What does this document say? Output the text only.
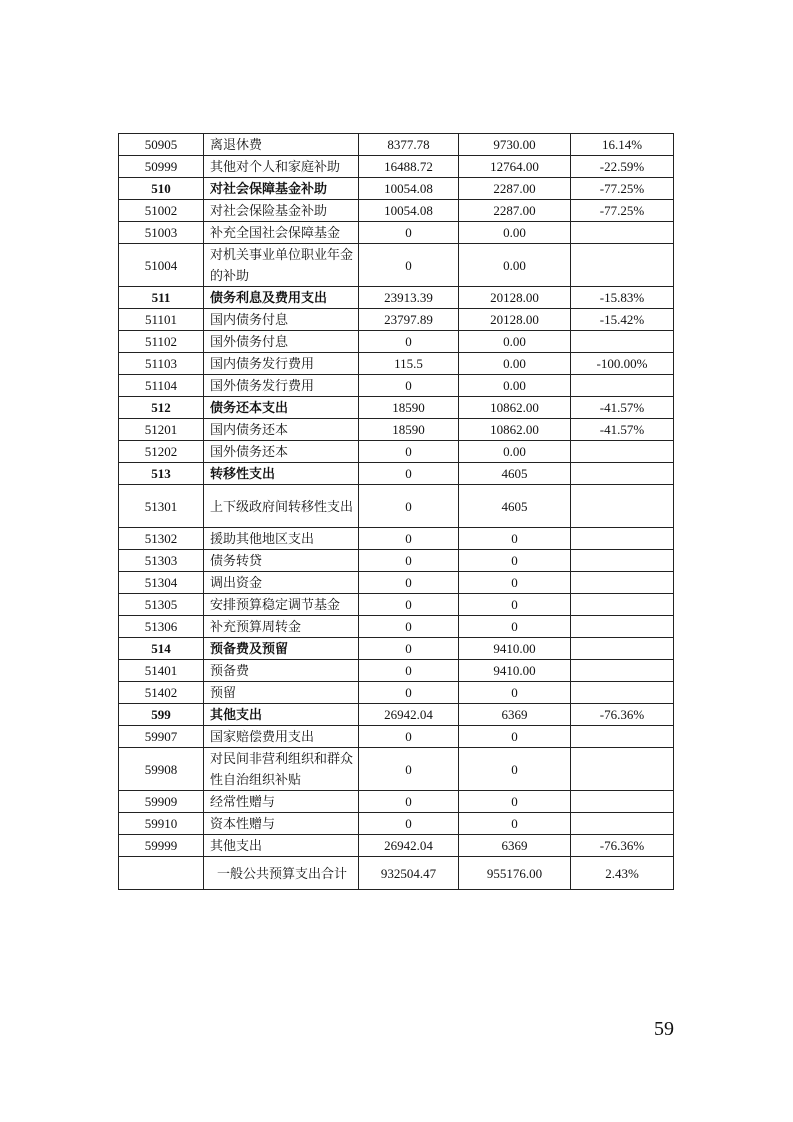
50905	离退休费	8377.78	9730.00	16.14%
50999	其他对个人和家庭补助	16488.72	12764.00	-22.59%
510	对社会保障基金补助	10054.08	2287.00	-77.25%
51002	对社会保险基金补助	10054.08	2287.00	-77.25%
51003	补充全国社会保障基金	0	0.00	
51004	对机关事业单位职业年金的补助	0	0.00	
511	债务利息及费用支出	23913.39	20128.00	-15.83%
51101	国内债务付息	23797.89	20128.00	-15.42%
51102	国外债务付息	0	0.00	
51103	国内债务发行费用	115.5	0.00	-100.00%
51104	国外债务发行费用	0	0.00	
512	债务还本支出	18590	10862.00	-41.57%
51201	国内债务还本	18590	10862.00	-41.57%
51202	国外债务还本	0	0.00	
513	转移性支出	0	4605	
51301	上下级政府间转移性支出	0	4605	
51302	援助其他地区支出	0	0	
51303	债务转贷	0	0	
51304	调出资金	0	0	
51305	安排预算稳定调节基金	0	0	
51306	补充预算周转金	0	0	
514	预备费及预留	0	9410.00	
51401	预备费	0	9410.00	
51402	预留	0	0	
599	其他支出	26942.04	6369	-76.36%
59907	国家赔偿费用支出	0	0	
59908	对民间非营利组织和群众性自治组织补贴	0	0	
59909	经常性赠与	0	0	
59910	资本性赠与	0	0	
59999	其他支出	26942.04	6369	-76.36%
	一般公共预算支出合计	932504.47	955176.00	2.43%
59
